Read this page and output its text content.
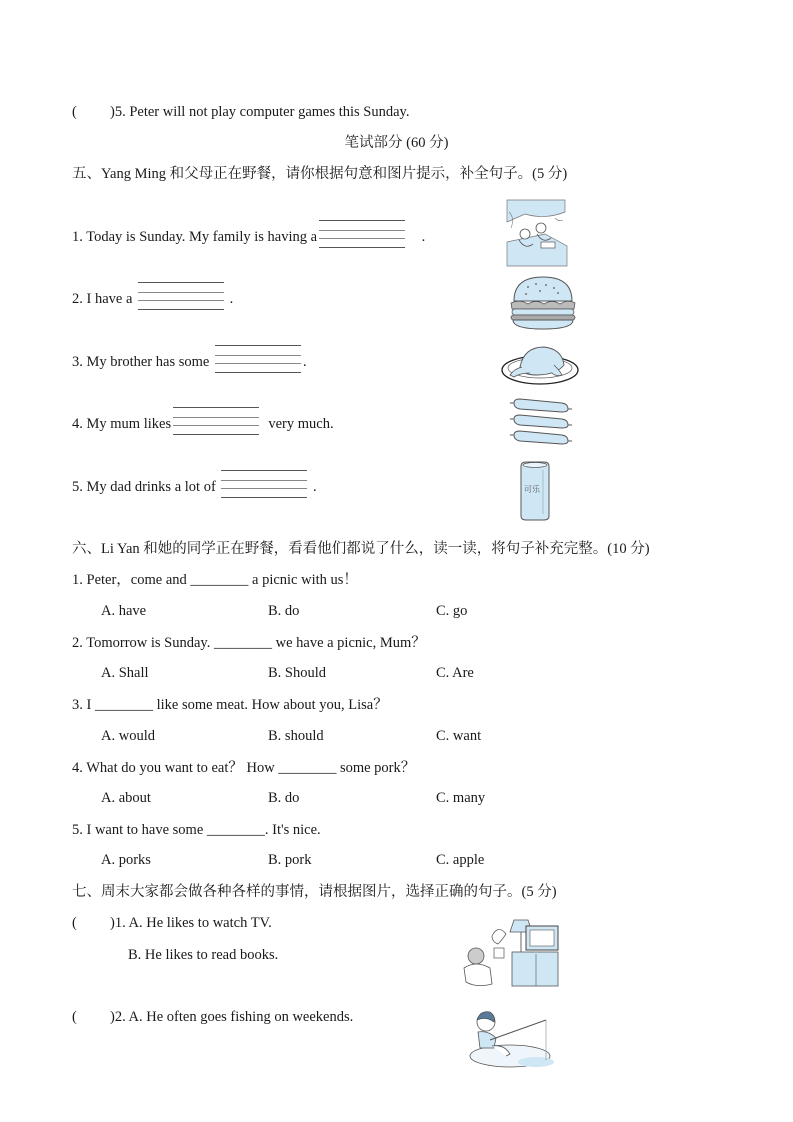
( )5. Peter will not play computer games this Sunday.
笔试部分 (60 分)
五、Yang Ming 和父母正在野餐，请你根据句意和图片提示，补全句子。(5 分)
1. Today is Sunday. My family is having a	.
2. I have a	.
3. My brother has some	.
4. My mum likes	very much.
5. My dad drinks a lot of	.	可乐
六、Li Yan 和她的同学正在野餐，看看他们都说了什么，读一读，将句子补充完整。(10 分)
1. Peter，come and ________ a picnic with us！
A. have	B. do	C. go
2. Tomorrow is Sunday. ________ we have a picnic, Mum？
A. Shall	B. Should	C. Are
3. I ________ like some meat. How about you, Lisa？
A. would	B. should	C. want
4. What do you want to eat？ How ________ some pork？
A. about	B. do	C. many
5. I want to have some ________. It's nice.
A. porks	B. pork	C. apple
七、周末大家都会做各种各样的事情，请根据图片，选择正确的句子。(5 分)
( )1. A. He likes to watch TV.
B. He likes to read books.
( )2. A. He often goes fishing on weekends.
